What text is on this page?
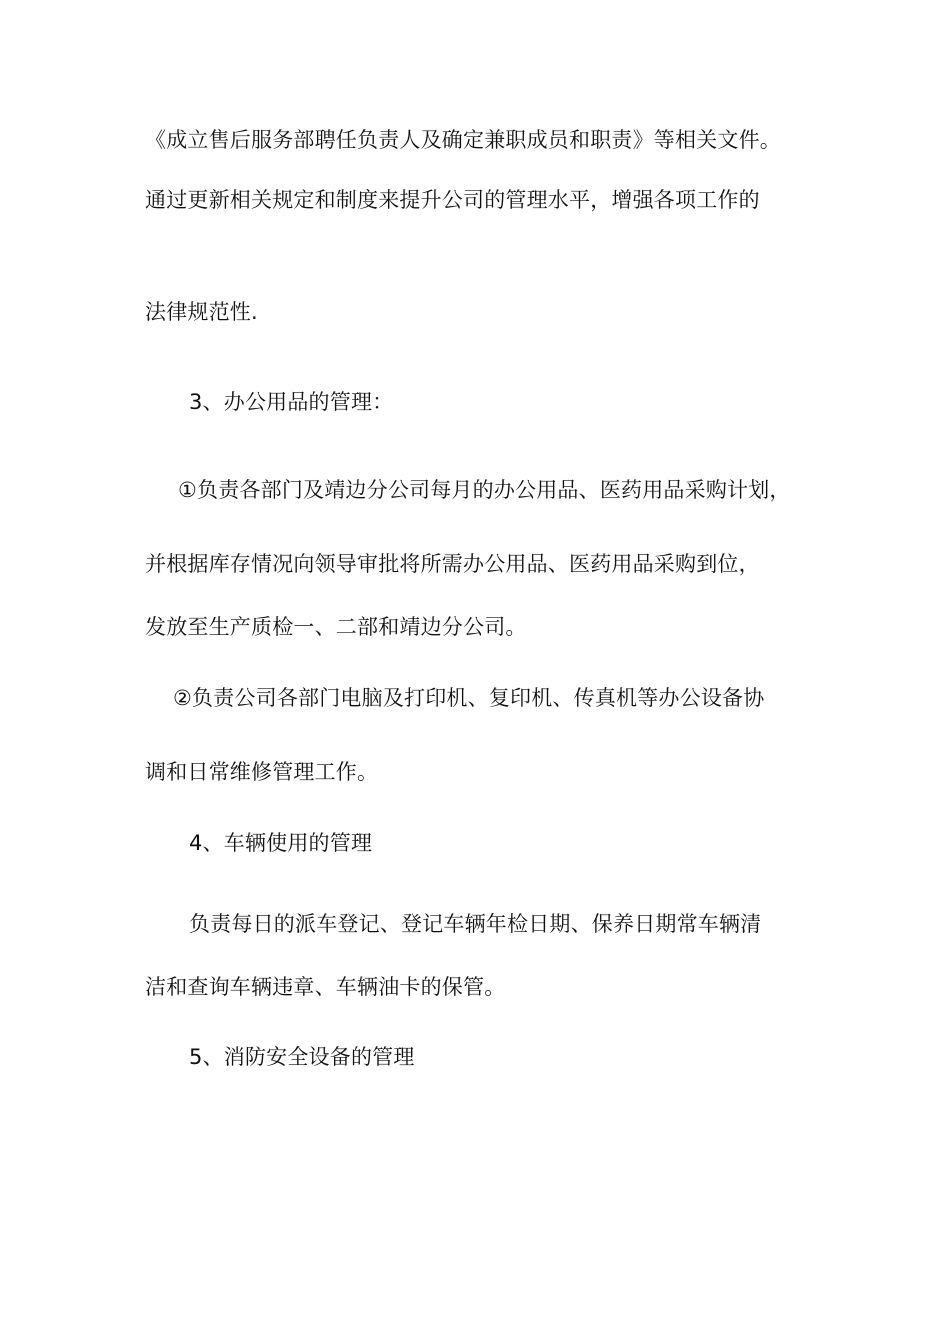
《成立售后服务部聘任负责人及确定兼职成员和职责》等相关文件。
通过更新相关规定和制度来提升公司的管理水平，增强各项工作的
法律规范性.
3、办公用品的管理：
①负责各部门及靖边分公司每月的办公用品、医药用品采购计划，
并根据库存情况向领导审批将所需办公用品、医药用品采购到位，
发放至生产质检一、二部和靖边分公司。
②负责公司各部门电脑及打印机、复印机、传真机等办公设备协
调和日常维修管理工作。
4、车辆使用的管理
负责每日的派车登记、登记车辆年检日期、保养日期常车辆清
洁和查询车辆违章、车辆油卡的保管。
5、消防安全设备的管理
